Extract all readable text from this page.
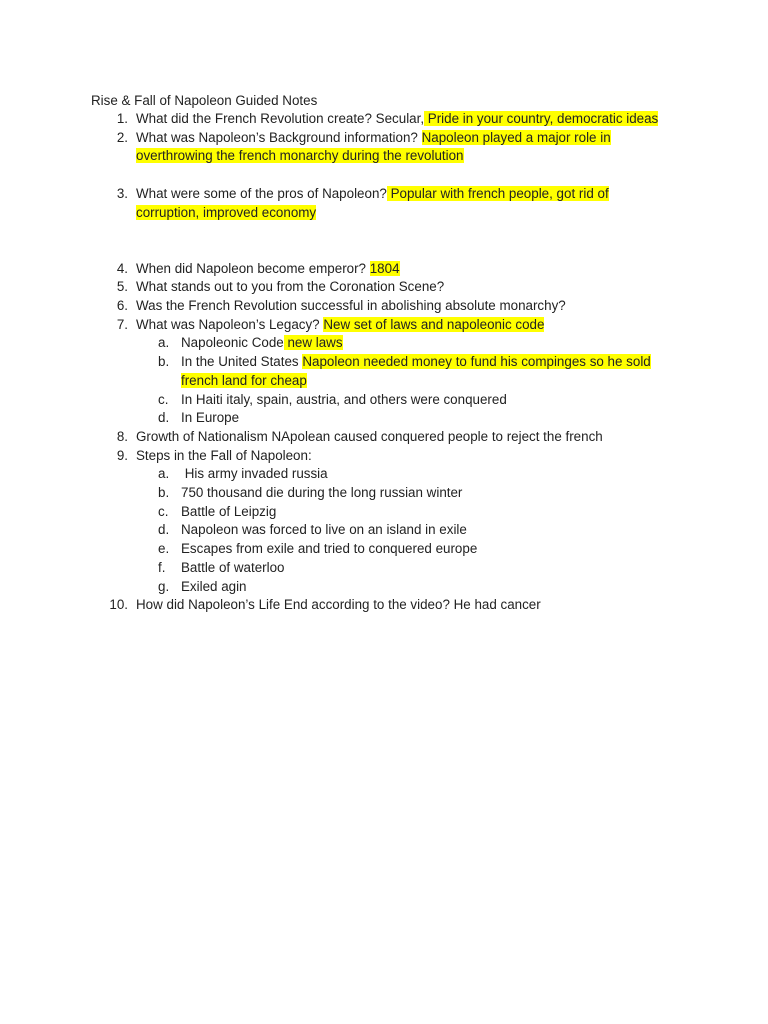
Rise & Fall of Napoleon Guided Notes
1. What did the French Revolution create? Secular, Pride in your country, democratic ideas
2. What was Napoleon’s Background information? Napoleon played a major role in
overthrowing the french monarchy during the revolution
3. What were some of the pros of Napoleon? Popular with french people, got rid of
corruption, improved economy
4. When did Napoleon become emperor? 1804
5. What stands out to you from the Coronation Scene?
6. Was the French Revolution successful in abolishing absolute monarchy?
7. What was Napoleon’s Legacy? New set of laws and napoleonic code
a. Napoleonic Code new laws
b. In the United States Napoleon needed money to fund his compinges so he sold
french land for cheap
c. In Haiti italy, spain, austria, and others were conquered
d. In Europe
8. Growth of Nationalism NApolean caused conquered people to reject the french
9. Steps in the Fall of Napoleon:
a. His army invaded russia
b. 750 thousand die during the long russian winter
c. Battle of Leipzig
d. Napoleon was forced to live on an island in exile
e. Escapes from exile and tried to conquered europe
f. Battle of waterloo
g. Exiled agin
10. How did Napoleon’s Life End according to the video? He had cancer
